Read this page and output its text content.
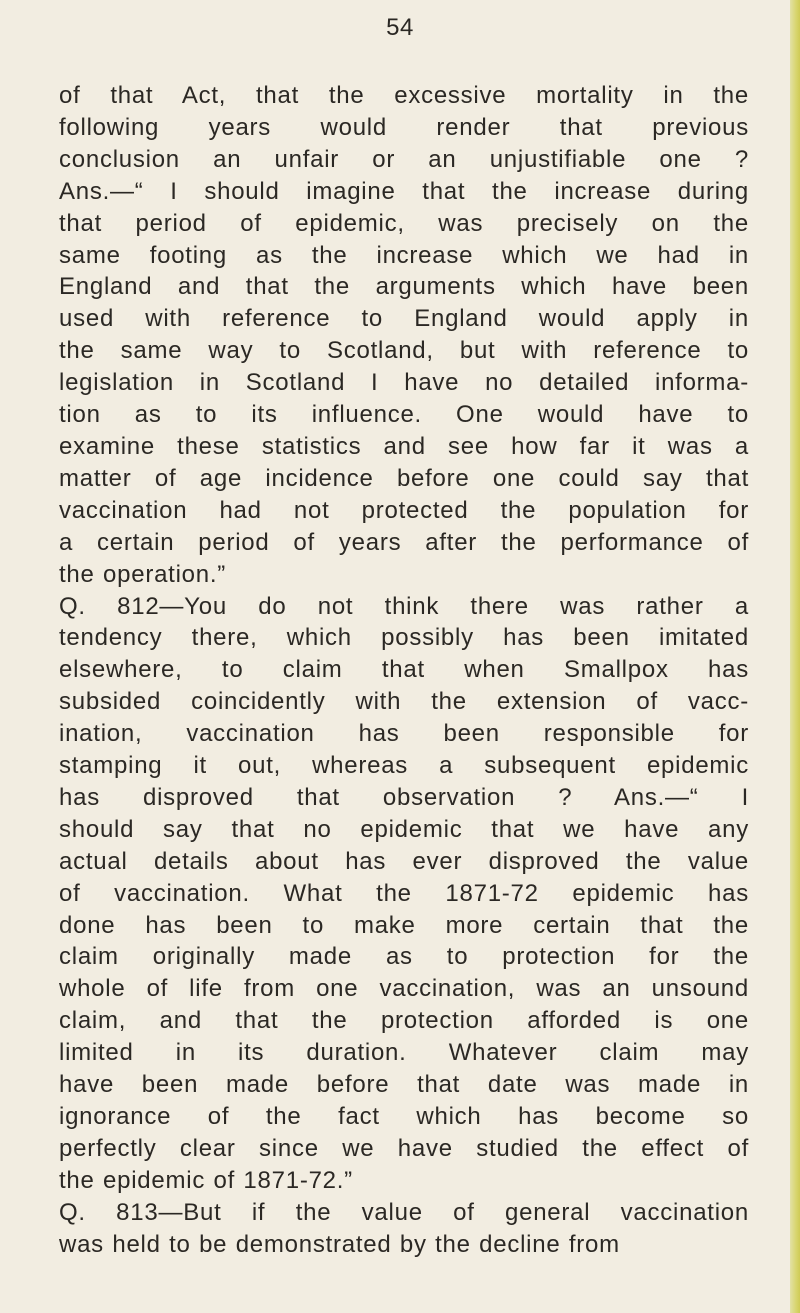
54
of that Act, that the excessive mortality in the
following years would render that previous
conclusion an unfair or an unjustifiable one ?
Ans.—“ I should imagine that the increase during
that period of epidemic, was precisely on the
same footing as the increase which we had in
England and that the arguments which have been
used with reference to England would apply in
the same way to Scotland, but with reference to
legislation in Scotland I have no detailed informa-
tion as to its influence. One would have to
examine these statistics and see how far it was a
matter of age incidence before one could say that
vaccination had not protected the population for
a certain period of years after the performance of
the operation.”
Q. 812—You do not think there was rather a
tendency there, which possibly has been imitated
elsewhere, to claim that when Smallpox has
subsided coincidently with the extension of vacc-
ination, vaccination has been responsible for
stamping it out, whereas a subsequent epidemic
has disproved that observation ? Ans.—“ I
should say that no epidemic that we have any
actual details about has ever disproved the value
of vaccination. What the 1871-72 epidemic has
done has been to make more certain that the
claim originally made as to protection for the
whole of life from one vaccination, was an unsound
claim, and that the protection afforded is one
limited in its duration. Whatever claim may
have been made before that date was made in
ignorance of the fact which has become so
perfectly clear since we have studied the effect of
the epidemic of 1871-72.”
Q. 813—But if the value of general vaccination
was held to be demonstrated by the decline from
